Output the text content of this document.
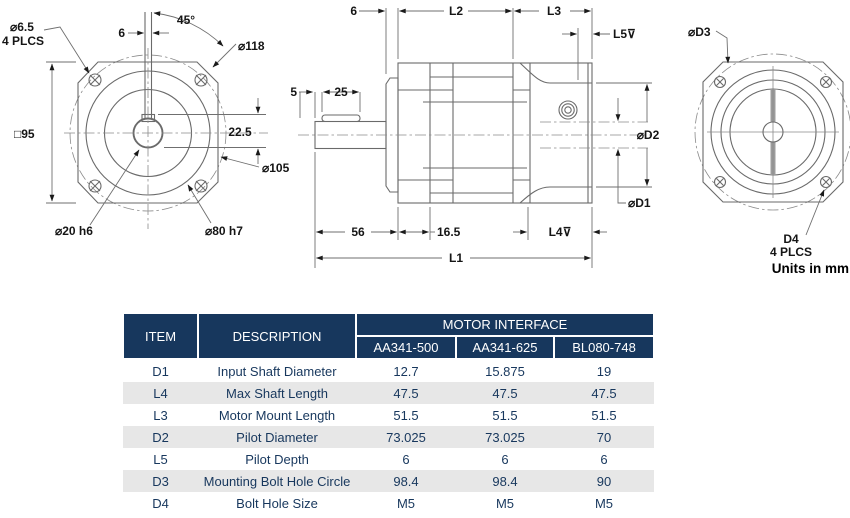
□95
⌀6.5
4 PLCS
45°
6
⌀118
22.5
⌀105
⌀20 h6	⌀80 h7
6	L2	L3
L5⊽
5	25
56	16.5	L4⊽
L1
⌀D2
⌀D1
⌀D3
D4
4 PLCS
Units in mm
ITEM	DESCRIPTION	MOTOR INTERFACE		
		AA341-500	AA341-625	BL080-748
D1	Input Shaft Diameter	12.7	15.875	19
L4	Max Shaft Length	47.5	47.5	47.5
L3	Motor Mount Length	51.5	51.5	51.5
D2	Pilot Diameter	73.025	73.025	70
L5	Pilot Depth	6	6	6
D3	Mounting Bolt Hole Circle	98.4	98.4	90
D4	Bolt Hole Size	M5	M5	M5
